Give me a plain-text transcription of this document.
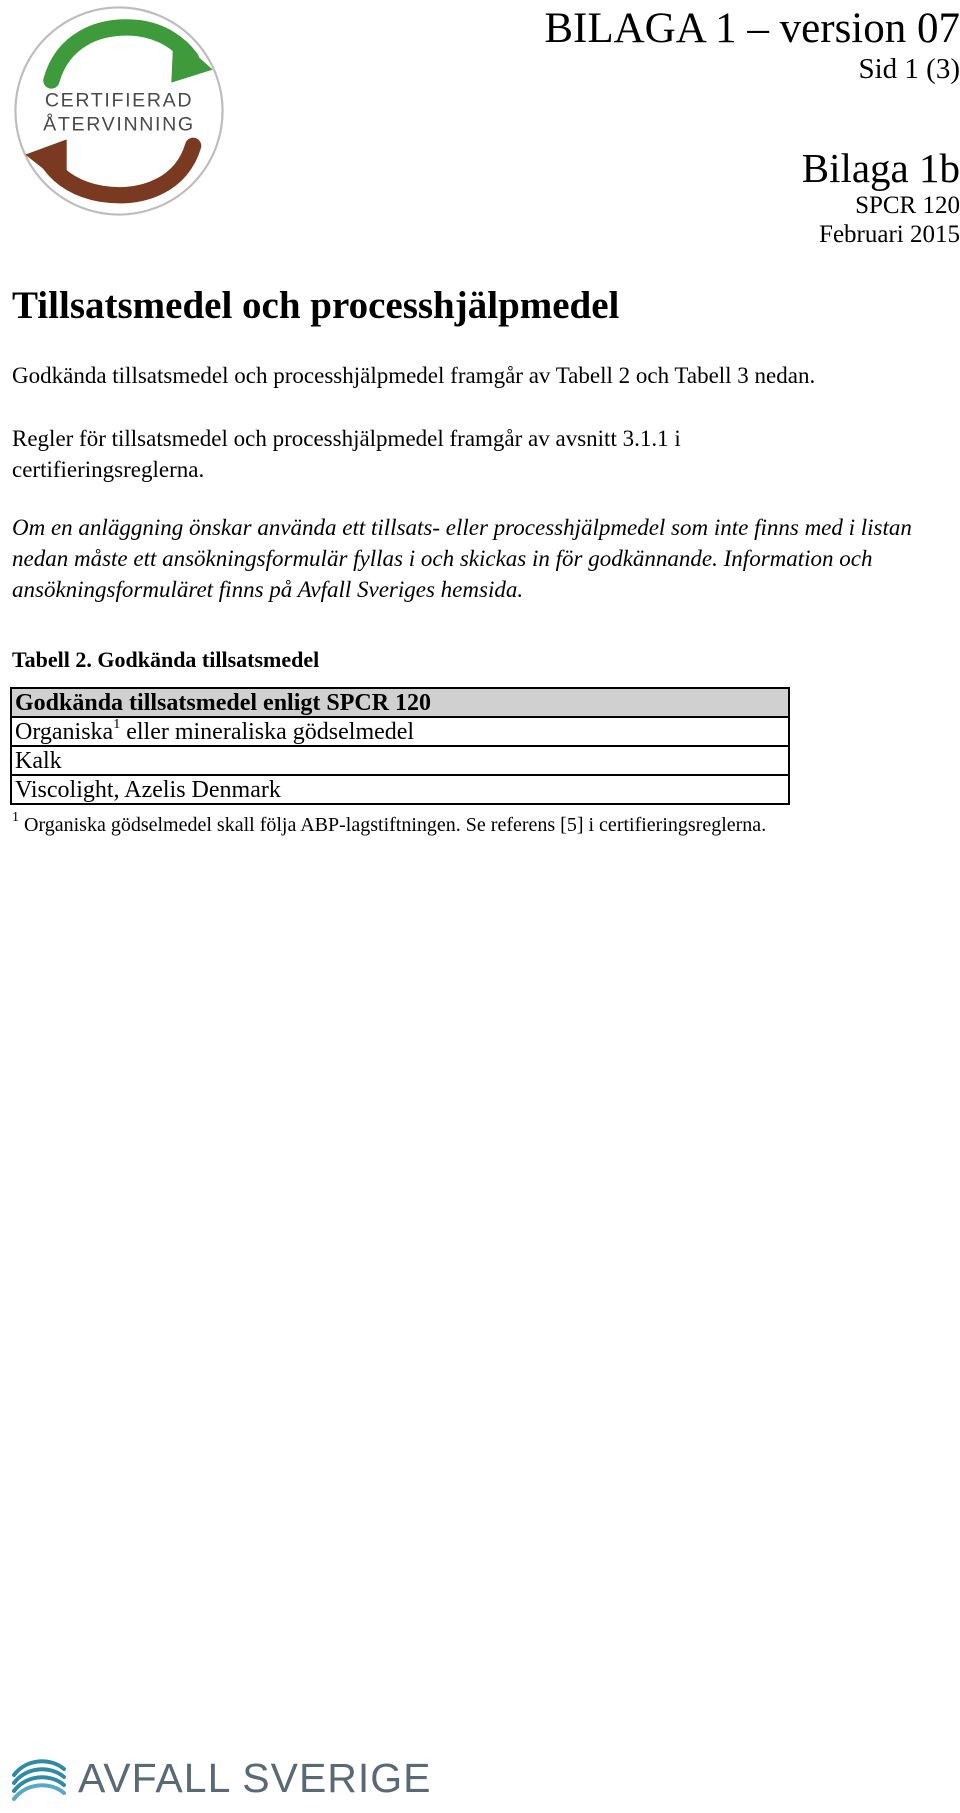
CERTIFIERAD
ÅTERVINNING
BILAGA 1 – version 07
Sid 1 (3)
Bilaga 1b
SPCR 120
Februari 2015
Tillsatsmedel och processhjälpmedel
Godkända tillsatsmedel och processhjälpmedel framgår av Tabell 2 och Tabell 3 nedan.
Regler för tillsatsmedel och processhjälpmedel framgår av avsnitt 3.1.1 i certifieringsreglerna.
Om en anläggning önskar använda ett tillsats- eller processhjälpmedel som inte finns med i listan nedan måste ett ansökningsformulär fyllas i och skickas in för godkännande. Information och ansökningsformuläret finns på Avfall Sveriges hemsida.
Tabell 2. Godkända tillsatsmedel
Godkända tillsatsmedel enligt SPCR 120
Organiska$^1$ eller mineraliska gödselmedel
Kalk
Viscolight, Azelis Denmark
$^1$ Organiska gödselmedel skall följa ABP-lagstiftningen. Se referens [5] i certifieringsreglerna.
AVFALL SVERIGE
